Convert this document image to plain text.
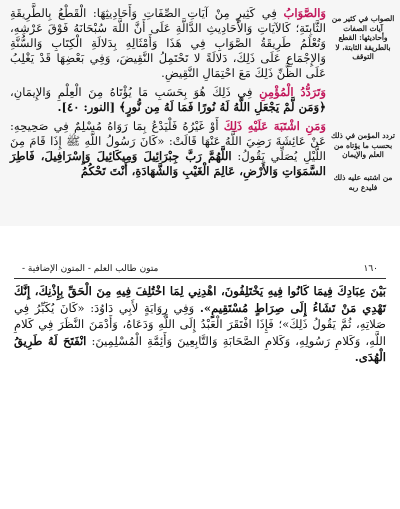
وَالصَّوَابُ فِي كَثِيرٍ مِنْ آيَاتِ الصِّفَاتِ وَأَحَادِيثِهَا: الْقَطْعُ بِالطَّرِيقَةِ الثَّابِتَةِ؛ كَالآيَاتِ وَالأَحَادِيثِ الدَّالَّةِ عَلَى أَنَّ اللَّهَ سُبْحَانَهُ فَوْقَ عَرْشِهِ، وَتُعْلَمُ طَرِيقَةُ الصَّوَابِ فِي هَذَا وَأَمْثَالِهِ بِدَلالَةِ الْكِتَابِ وَالسُّنَّةِ وَالإِجْمَاعِ عَلَى ذَلِكَ، دَلالَةً لا تَحْتَمِلُ النَّقِيضَ، وَفِي بَعْضِهَا قَدْ يَغْلِبُ عَلَى الظَّنِّ ذَلِكَ مَعَ احْتِمَالِ النَّقِيضِ.

وَتَرَدُّدُ الْمُؤْمِنِ فِي ذَلِكَ هُوَ بِحَسَبِ مَا يُؤْتَاهُ مِنَ الْعِلْمِ وَالإِيمَانِ، ﴿وَمَن لَّمْ يَجْعَلِ اللَّهُ لَهُ نُورًا فَمَا لَهُ مِن نُّورٍ﴾ [النور: ٤٠].

وَمَنِ اشْتَبَهَ عَلَيْهِ ذَلِكَ أَوْ غَيْرُهُ فَلْيَدْعُ بِمَا رَوَاهُ مُسْلِمٌ فِي صَحِيحِهِ: عَنْ عَائِشَةَ رَضِيَ اللَّهُ عَنْهَا قَالَتْ: «كَانَ رَسُولُ اللَّهِ ﷺ إِذَا قَامَ مِنَ اللَّيْلِ يُصَلِّي يَقُولُ: اللَّهُمَّ رَبَّ جِبْرَائِيلَ وَمِيكَائِيلَ وَإِسْرَافِيلَ، فَاطِرَ السَّمَوَاتِ وَالأَرْضِ، عَالِمَ الْغَيْبِ وَالشَّهَادَةِ، أَنْتَ تَحْكُمُ

الصواب في كثير من آيات الصفات وأحاديثها: القطع بالطريقة الثابتة، لا التوقف
تردد المؤمن في ذلك بحسب ما يؤتاه من العلم والإيمان
من اشتبه عليه ذلك فليدع ربه
١٦٠
متون طالب العلم - المتون الإضافية -
بَيْنَ عِبَادِكَ فِيمَا كَانُوا فِيهِ يَخْتَلِفُونَ، اهْدِنِي لِمَا اخْتُلِفَ فِيهِ مِنَ الْحَقِّ بِإِذْنِكَ، إِنَّكَ تَهْدِي مَنْ تَشَاءُ إِلَى صِرَاطٍ مُسْتَقِيمٍ». وَفِي رِوَايَةٍ لأَبِي دَاوُدَ: «كَانَ يُكَبِّرُ فِي صَلاتِهِ، ثُمَّ يَقُولُ ذَلِكَ»؛ فَإِذَا افْتَقَرَ الْعَبْدُ إِلَى اللَّهِ وَدَعَاهُ، وَأَدْمَنَ النَّظَرَ فِي كَلامِ اللَّهِ، وَكَلامِ رَسُولِهِ، وَكَلامِ الصَّحَابَةِ وَالتَّابِعِينَ وَأَئِمَّةِ الْمُسْلِمِينَ: انْفَتَحَ لَهُ طَرِيقُ الْهُدَى.
